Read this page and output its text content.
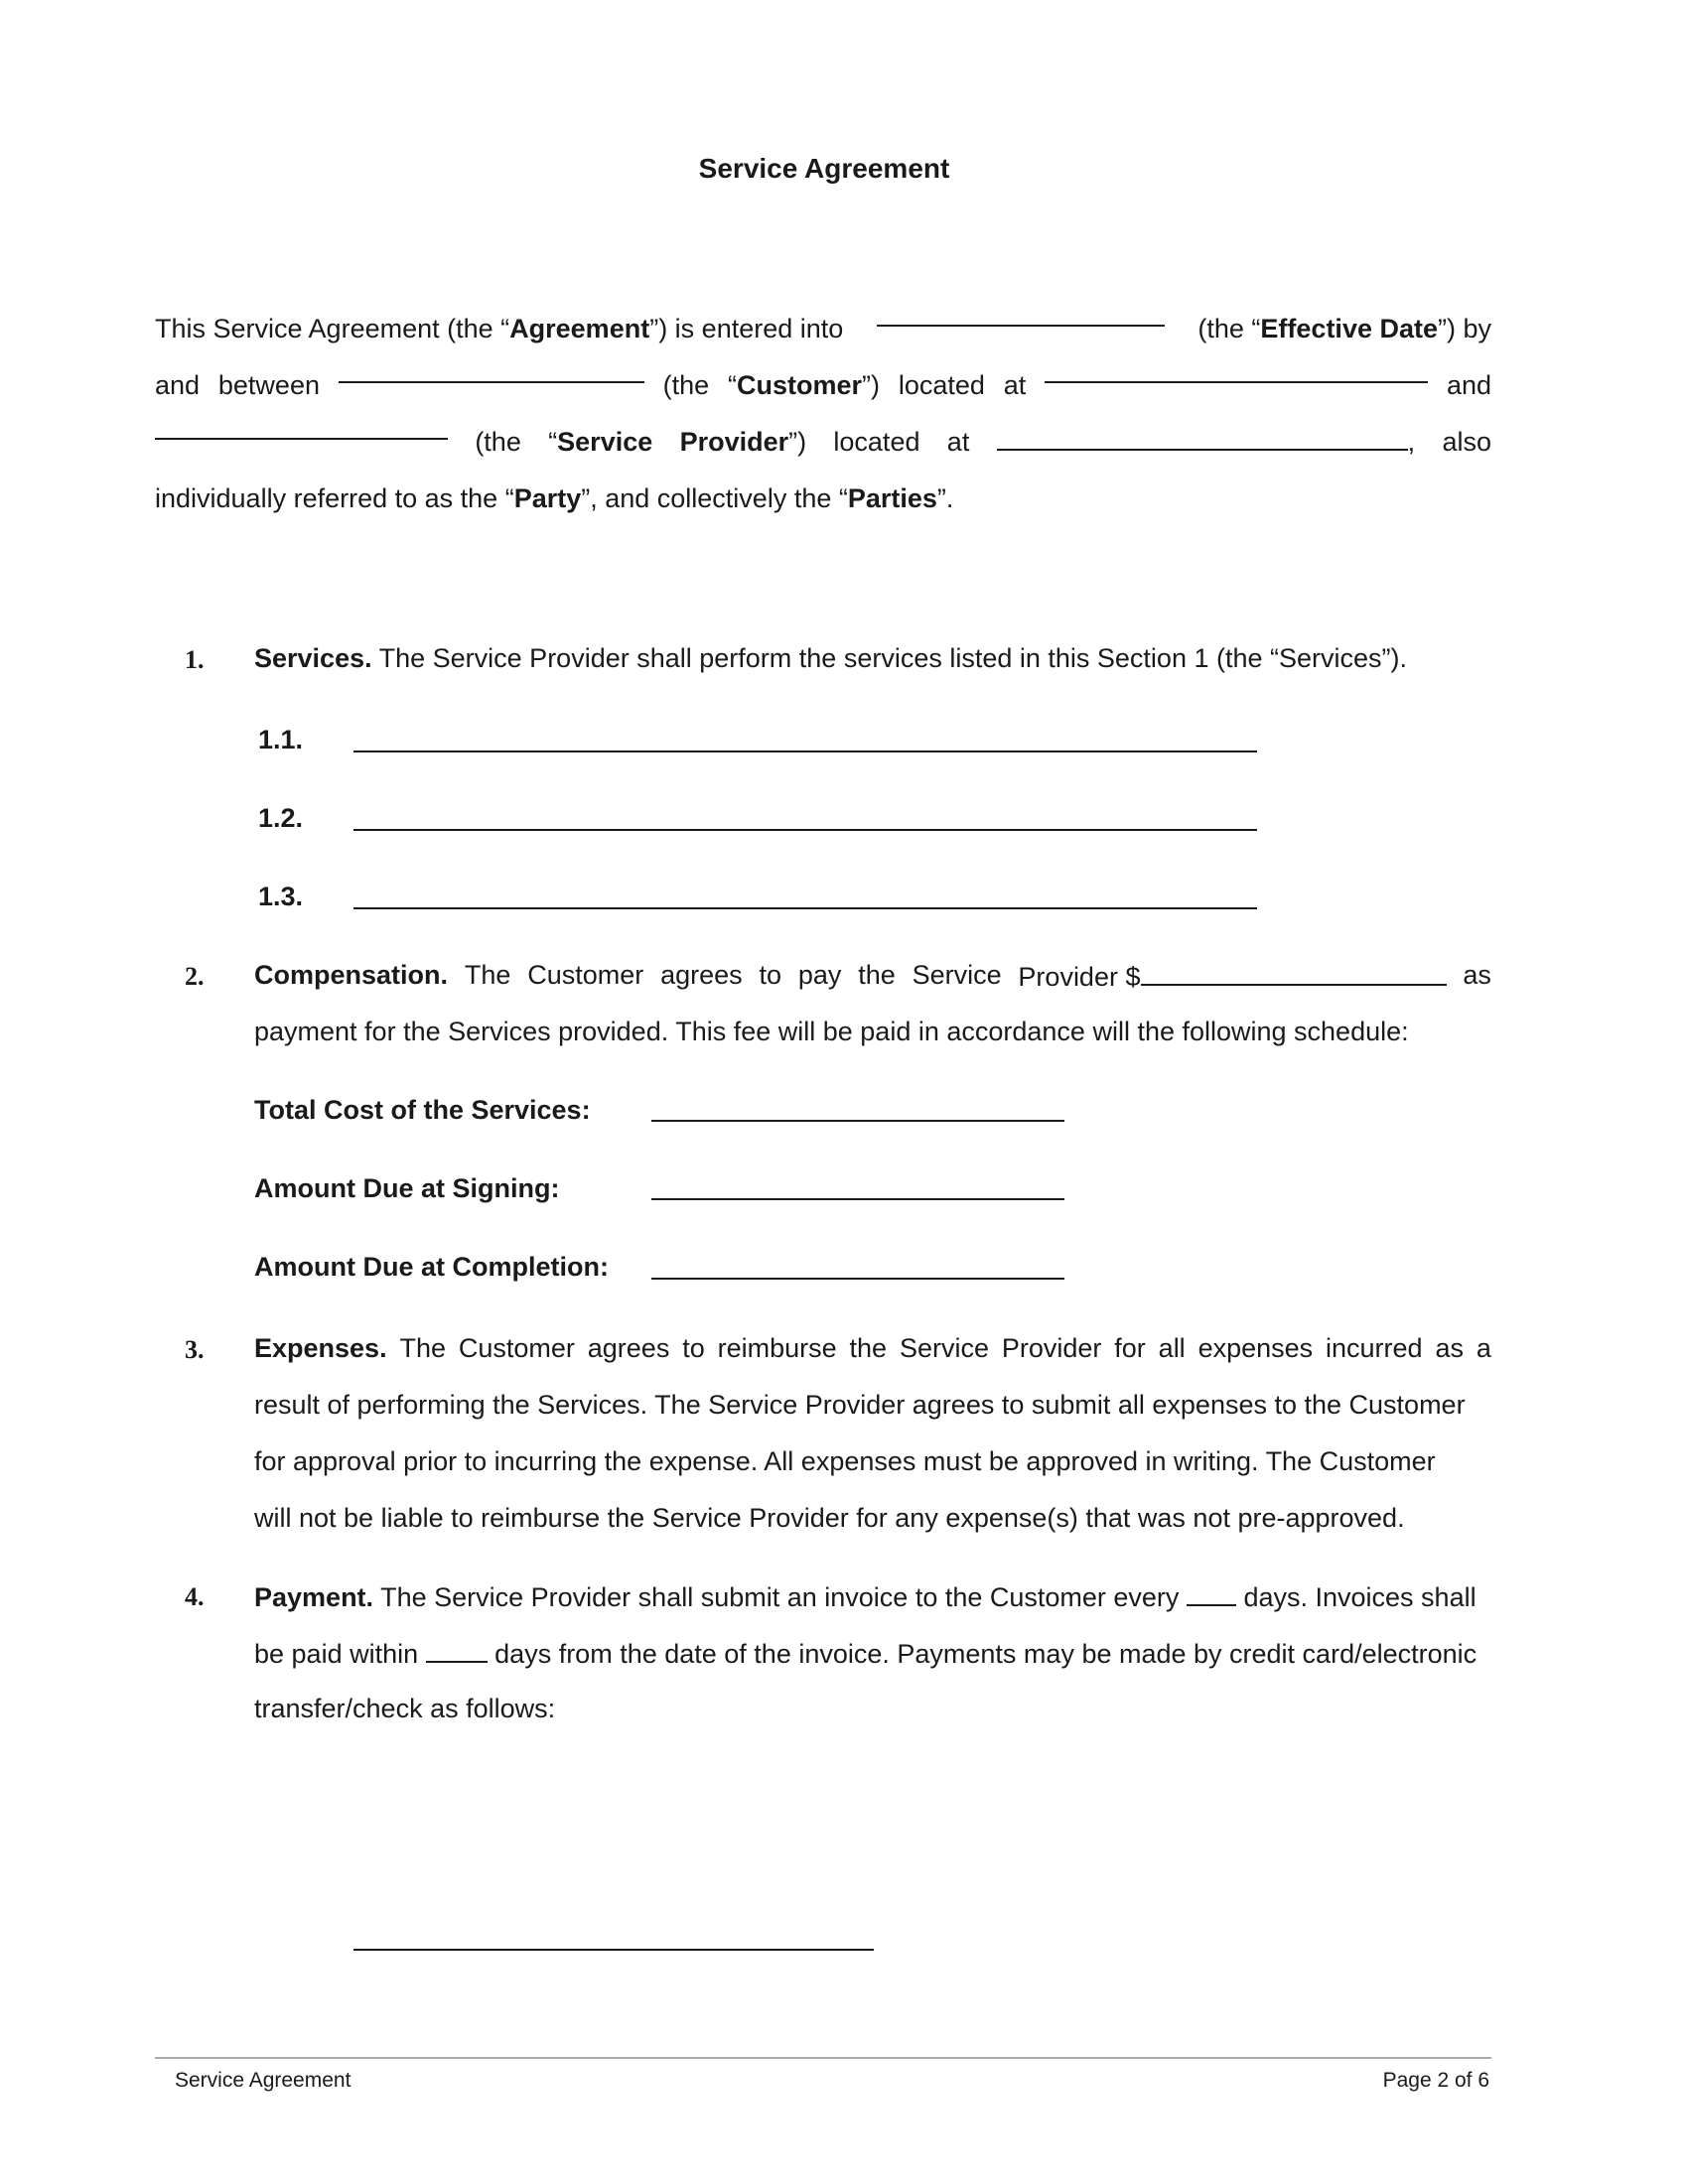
Service Agreement
This Service Agreement (the “Agreement”) is entered into	(the “Effective Date”) by
and between	(the “Customer”) located at	and
(the “Service Provider”) located at	, also
individually referred to as the “Party”, and collectively the “Parties”.
1. Services. The Service Provider shall perform the services listed in this Section 1 (the “Services”).
1.1.
1.2.
1.3.
2. Compensation. The Customer agrees to pay the Service Provider $	as
payment for the Services provided. This fee will be paid in accordance will the following schedule:
Total Cost of the Services:
Amount Due at Signing:
Amount Due at Completion:
3. Expenses. The Customer agrees to reimburse the Service Provider for all expenses incurred as a
result of performing the Services. The Service Provider agrees to submit all expenses to the Customer
for approval prior to incurring the expense. All expenses must be approved in writing. The Customer
will not be liable to reimburse the Service Provider for any expense(s) that was not pre-approved.
4. Payment. The Service Provider shall submit an invoice to the Customer every days. Invoices shall
be paid within	days from the date of the invoice. Payments may be made by credit card/electronic
transfer/check as follows:
Service Agreement	Page 2 of 6
